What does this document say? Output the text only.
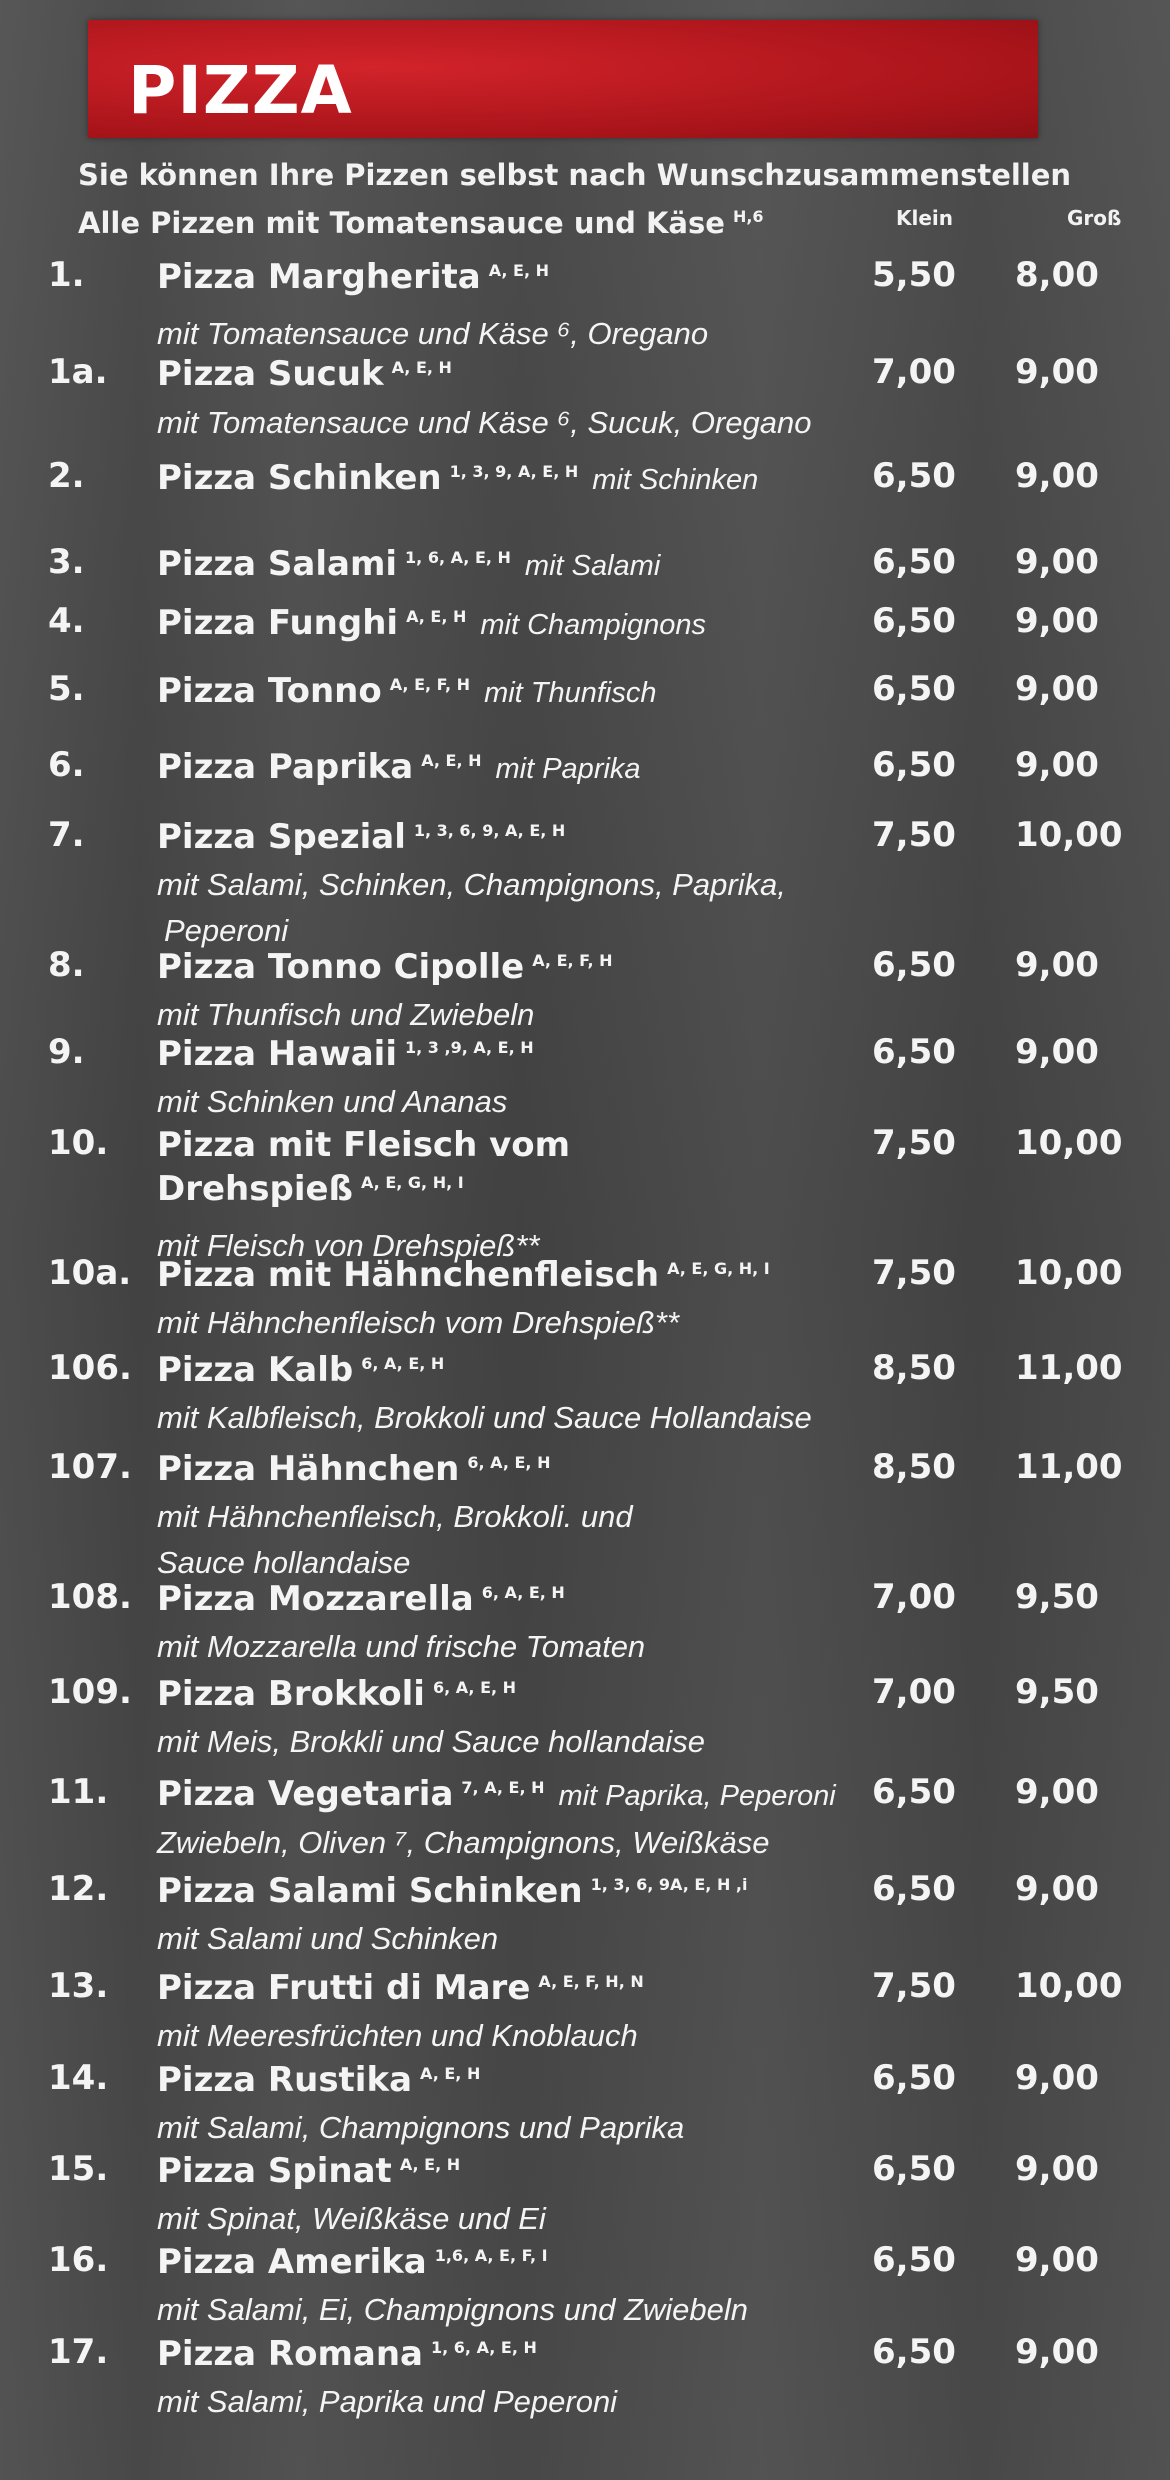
PIZZA
Sie können Ihre Pizzen selbst nach Wunschzusammenstellen
Alle Pizzen mit Tomatensauce und Käse $^{H,6}$	Klein	Groß
1. Pizza Margherita $^{A, E, H}$
mit Tomatensauce und Käse ⁶, Oregano
5,50 8,00
1a. Pizza Sucuk $^{A, E, H}$
mit Tomatensauce und Käse ⁶, Sucuk, Oregano
7,00 9,00
2. Pizza Schinken $^{1, 3, 9, A, E, H}$ mit Schinken	6,50 9,00
3. Pizza Salami $^{1, 6, A, E, H}$ mit Salami	6,50 9,00
4. Pizza Funghi $^{A, E, H}$ mit Champignons	6,50 9,00
5. Pizza Tonno $^{A, E, F, H}$ mit Thunfisch	6,50 9,00
6. Pizza Paprika $^{A, E, H}$ mit Paprika	6,50 9,00
7. Pizza Spezial $^{1, 3, 6, 9, A, E, H}$
mit Salami, Schinken, Champignons, Paprika,
Peperoni
7,50 10,00
8. Pizza Tonno Cipolle $^{A, E, F, H}$
mit Thunfisch und Zwiebeln
6,50 9,00
9. Pizza Hawaii $^{1, 3 ,9, A, E, H}$
mit Schinken und Ananas
6,50 9,00
10. Pizza mit Fleisch vom
Drehspieß $^{A, E, G, H, I}$
mit Fleisch von Drehspieß**
7,50 10,00
10a. Pizza mit Hähnchenfleisch $^{A, E, G, H, I}$
mit Hähnchenfleisch vom Drehspieß**
7,50 10,00
106. Pizza Kalb $^{6, A, E, H}$
mit Kalbfleisch, Brokkoli und Sauce Hollandaise
8,50 11,00
107. Pizza Hähnchen $^{6, A, E, H}$
mit Hähnchenfleisch, Brokkoli. und
Sauce hollandaise
8,50 11,00
108. Pizza Mozzarella $^{6, A, E, H}$
mit Mozzarella und frische Tomaten
7,00 9,50
109. Pizza Brokkoli $^{6, A, E, H}$
mit Meis, Brokkli und Sauce hollandaise
7,00 9,50
11. Pizza Vegetaria $^{7, A, E, H}$ mit Paprika, Peperoni
Zwiebeln, Oliven ⁷, Champignons, Weißkäse
6,50 9,00
12. Pizza Salami Schinken $^{1, 3, 6, 9A, E, H ,i}$
mit Salami und Schinken
6,50 9,00
13. Pizza Frutti di Mare $^{A, E, F, H, N}$
mit Meeresfrüchten und Knoblauch
7,50 10,00
14. Pizza Rustika $^{A, E, H}$
mit Salami, Champignons und Paprika
6,50 9,00
15. Pizza Spinat $^{A, E, H}$
mit Spinat, Weißkäse und Ei
6,50 9,00
16. Pizza Amerika $^{1,6, A, E, F, I}$
mit Salami, Ei, Champignons und Zwiebeln
6,50 9,00
17. Pizza Romana $^{1, 6, A, E, H}$
mit Salami, Paprika und Peperoni
6,50 9,00
